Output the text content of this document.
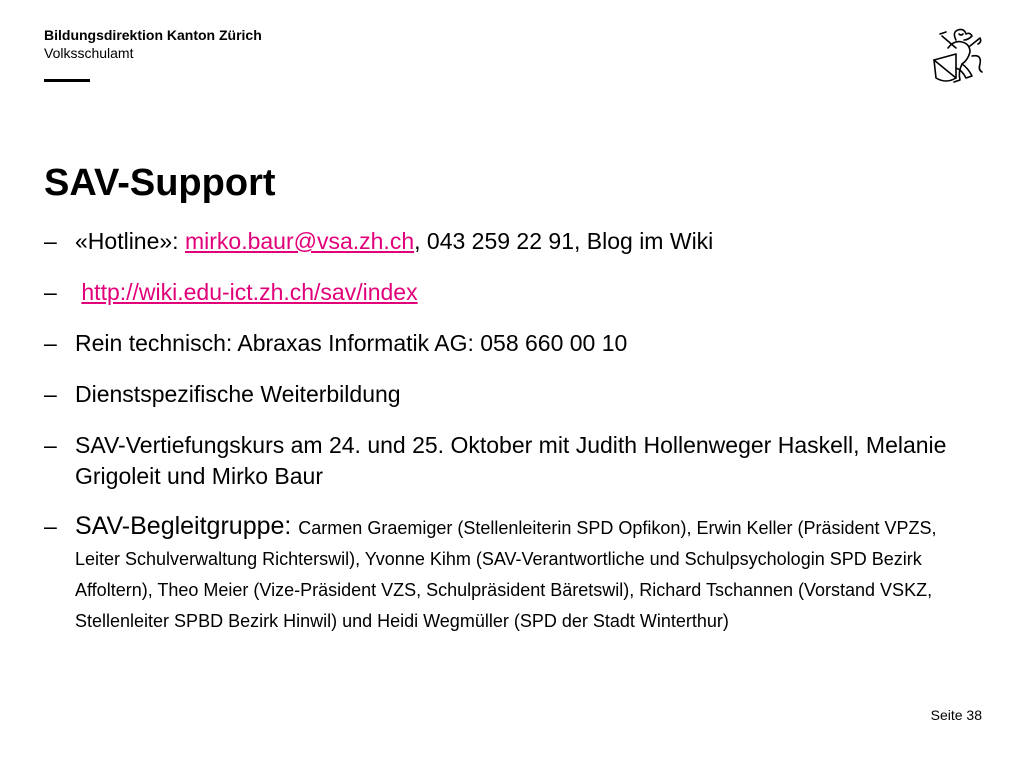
Bildungsdirektion Kanton Zürich
Volksschulamt
SAV-Support
– «Hotline»: mirko.baur@vsa.zh.ch, 043 259 22 91, Blog im Wiki
–	http://wiki.edu-ict.zh.ch/sav/index
– Rein technisch: Abraxas Informatik AG: 058 660 00 10
– Dienstspezifische Weiterbildung
– SAV-Vertiefungskurs am 24. und 25. Oktober mit Judith Hollenweger Haskell, Melanie Grigoleit und Mirko Baur
– SAV-Begleitgruppe: Carmen Graemiger (Stellenleiterin SPD Opfikon), Erwin Keller (Präsident VPZS, Leiter Schulverwaltung Richterswil), Yvonne Kihm (SAV-Verantwortliche und Schulpsychologin SPD Bezirk Affoltern), Theo Meier (Vize-Präsident VZS, Schulpräsident Bäretswil), Richard Tschannen (Vorstand VSKZ, Stellenleiter SPBD Bezirk Hinwil) und Heidi Wegmüller (SPD der Stadt Winterthur)
Seite 38
